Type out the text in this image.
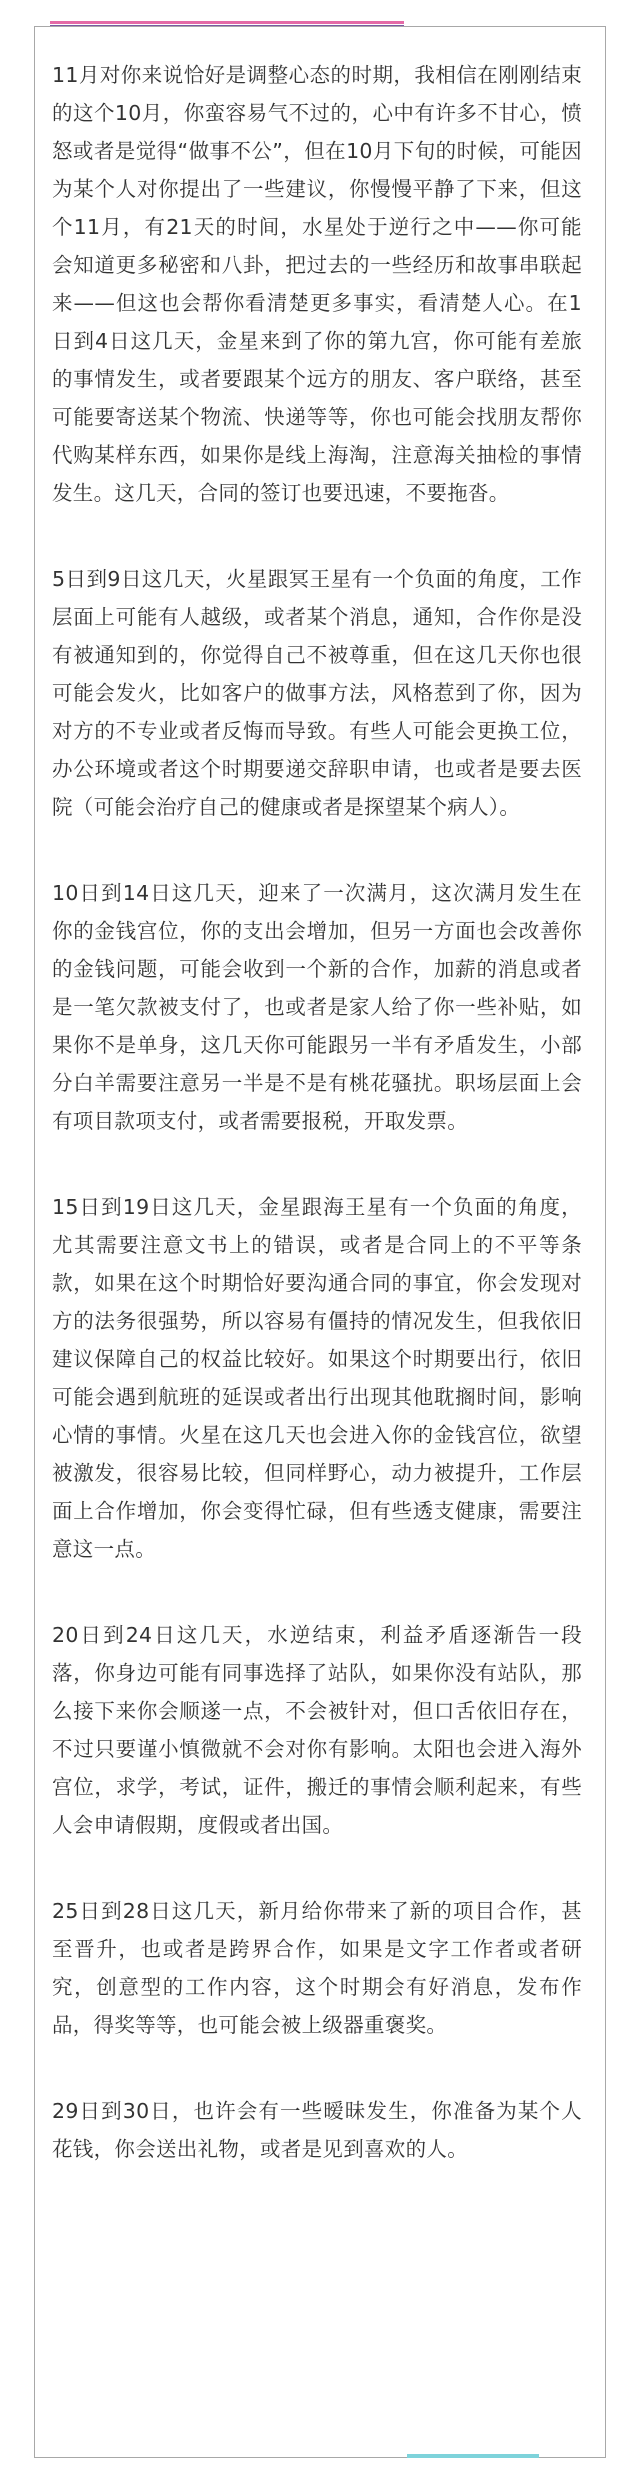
11月对你来说恰好是调整心态的时期，我相信在刚刚结束的这个10月，你蛮容易气不过的，心中有许多不甘心，愤怒或者是觉得“做事不公”，但在10月下旬的时候，可能因为某个人对你提出了一些建议，你慢慢平静了下来，但这个11月，有21天的时间，水星处于逆行之中——你可能会知道更多秘密和八卦，把过去的一些经历和故事串联起来——但这也会帮你看清楚更多事实，看清楚人心。在1日到4日这几天，金星来到了你的第九宫，你可能有差旅的事情发生，或者要跟某个远方的朋友、客户联络，甚至可能要寄送某个物流、快递等等，你也可能会找朋友帮你代购某样东西，如果你是线上海淘，注意海关抽检的事情发生。这几天，合同的签订也要迅速，不要拖沓。

5日到9日这几天，火星跟冥王星有一个负面的角度，工作层面上可能有人越级，或者某个消息，通知，合作你是没有被通知到的，你觉得自己不被尊重，但在这几天你也很可能会发火，比如客户的做事方法，风格惹到了你，因为对方的不专业或者反悔而导致。有些人可能会更换工位，办公环境或者这个时期要递交辞职申请，也或者是要去医院（可能会治疗自己的健康或者是探望某个病人）。

10日到14日这几天，迎来了一次满月，这次满月发生在你的金钱宫位，你的支出会增加，但另一方面也会改善你的金钱问题，可能会收到一个新的合作，加薪的消息或者是一笔欠款被支付了，也或者是家人给了你一些补贴，如果你不是单身，这几天你可能跟另一半有矛盾发生，小部分白羊需要注意另一半是不是有桃花骚扰。职场层面上会有项目款项支付，或者需要报税，开取发票。

15日到19日这几天，金星跟海王星有一个负面的角度，尤其需要注意文书上的错误，或者是合同上的不平等条款，如果在这个时期恰好要沟通合同的事宜，你会发现对方的法务很强势，所以容易有僵持的情况发生，但我依旧建议保障自己的权益比较好。如果这个时期要出行，依旧可能会遇到航班的延误或者出行出现其他耽搁时间，影响心情的事情。火星在这几天也会进入你的金钱宫位，欲望被激发，很容易比较，但同样野心，动力被提升，工作层面上合作增加，你会变得忙碌，但有些透支健康，需要注意这一点。

20日到24日这几天，水逆结束，利益矛盾逐渐告一段落，你身边可能有同事选择了站队，如果你没有站队，那么接下来你会顺遂一点，不会被针对，但口舌依旧存在，不过只要谨小慎微就不会对你有影响。太阳也会进入海外宫位，求学，考试，证件，搬迁的事情会顺利起来，有些人会申请假期，度假或者出国。

25日到28日这几天，新月给你带来了新的项目合作，甚至晋升，也或者是跨界合作，如果是文字工作者或者研究，创意型的工作内容，这个时期会有好消息，发布作品，得奖等等，也可能会被上级器重褒奖。

29日到30日，也许会有一些暧昧发生，你准备为某个人花钱，你会送出礼物，或者是见到喜欢的人。
